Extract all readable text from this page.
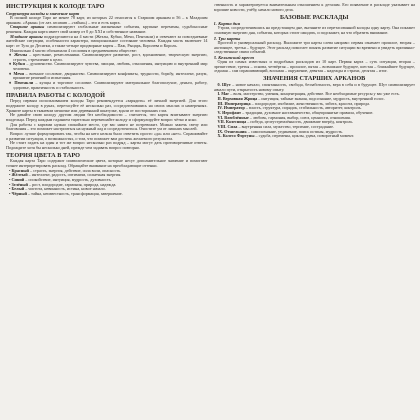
ИНСТРУКЦИЯ К КОЛОДЕ ТАРО
Структура колоды и значение карт

В полной колоде Таро не менее 78 карт, из которых 22 относятся к Старшим арканам и 56 – к Младшим арканам. «Аркан» (от лат. arcanum – «тайна») – это и есть карта.

Старшие арканы символизируют глобальные жизненные события, крупные перемены, судьбоносные решения. Каждая карта имеет свой номер от 0 до XXI и собственное название.

Младшие арканы подразделяются на 4 масти (Жезлы, Кубки, Мечи, Пентакли) и отвечают за повседневные житейские ситуации, особенности характера, эмоциональное состояние человека. Каждая масть включает 14 карт: от Туза до Десятки, а также четыре придворные карты – Паж, Рыцарь, Королева и Король.

Изначально 4 масти обозначали 4 сословия в средневековом обществе:

♦ Жезлы – крестьяне, ремесленники. Символизируют развитие, рост, вдохновение, творческую энергию, страсть, стремление к цели.

♦ Кубки – духовенство. Символизируют чувства, эмоции, любовь, отношения, интуицию и внутренний мир человека.

♦ Мечи – военное сословие, дворянство. Символизируют конфликты, трудности, борьбу, интеллект, разум, принятие решений и испытания.

♦ Пентакли – купцы и торговое сословие. Символизируют материальное благополучие, деньги, работу, здоровье, практичность и стабильность.

ПРАВИЛА РАБОТЫ С КОЛОДОЙ

Перед первым использованием колоды Таро рекомендуется «зарядить» её личной энергией. Для этого подержите колоду в руках, перетасуйте её несколько раз, сосредоточившись на своих мыслях и намерениях. Храните карты в тканевом мешочке или деревянной шкатулке, вдали от посторонних глаз.

Не давайте свою колоду другим людям без необходимости – считается, что карты впитывают энергию владельца. Перед каждым гаданием тщательно перемешайте колоду и сформулируйте вопрос чётко и ясно.

Для работы с картами нужно спокойное место, где вас никто не потревожит. Можно зажечь свечу или благовония – это поможет настроиться на нужный лад и сосредоточиться. Очистите ум от лишних мыслей.

Вопрос лучше формулировать так, чтобы на него нельзя было ответить просто «да» или «нет». Спрашивайте о развитии ситуации, о возможностях, о том, что поможет вам достичь желаемого результата.

Не стоит гадать на один и тот же вопрос несколько раз подряд – карты могут дать противоречивые ответы. Подождите хотя бы несколько дней, прежде чем задавать вопрос повторно.

ТЕОРИЯ ЦВЕТА В ТАРО

Каждая карта Таро содержит символические цвета, которые несут дополнительное значение и помогают точнее интерпретировать расклад. Обращайте внимание на преобладающие оттенки.

• Красный – страсть, энергия, действие, сила воли, опасность.

• Жёлтый – интеллект, радость, оптимизм, солнечная энергия.

• Синий – спокойствие, интуиция, мудрость, духовность.

• Зелёный – рост, плодородие, гармония, природа, надежда.

• Белый – чистота, невинность, истина, новое начало.

• Чёрный – тайна, неизвестность, трансформация, завершение.

ственность и характеризуется внимательным отношением к деталям. Его появление в раскладе указывает на хорошие новости, учёбу, начало нового дела.

БАЗОВЫЕ РАСКЛАДЫ
1. Карта дня

Утром, сосредоточившись на предстоящем дне, вытяните из перетасованной колоды одну карту. Она покажет основную энергию дня, события, которых стоит ожидать, и подскажет, на что обратить внимание.

2. Три карты

Простой и универсальный расклад. Выложите три карты слева направо: первая означает прошлое, вторая – настоящее, третья – будущее. Этот расклад помогает понять развитие ситуации во времени и увидеть причинно-следственные связи событий.

3. Кельтский крест

Один из самых известных и подробных раскладов из 10 карт. Первая карта – суть ситуации, вторая – препятствие, третья – основа, четвёртая – прошлое, пятая – возможное будущее, шестая – ближайшее будущее, седьмая – сам спрашивающий, восьмая – окружение, девятая – надежды и страхи, десятая – итог.

ЗНАЧЕНИЯ СТАРШИХ АРКАНОВ

0. Шут – новое начало, спонтанность, свобода, беззаботность, вера в себя и в будущее. Шут символизирует начало пути, открытость новому опыту.

I. Маг – воля, мастерство, умения, концентрация, действие. Все необходимые ресурсы у вас уже есть.

II. Верховная Жрица – интуиция, тайные знания, подсознание, мудрость, внутренний голос.

III. Императрица – плодородие, изобилие, женственность, забота, красота, природа.

IV. Император – власть, структура, порядок, стабильность, авторитет, контроль.

V. Иерофант – традиции, духовное наставничество, общепринятые правила, обучение.

VI. Влюблённые – любовь, гармония, выбор, союз, ценности, отношения.

VII. Колесница – победа, целеустремлённость, движение вперёд, контроль.

VIII. Сила – внутренняя сила, мужество, терпение, сострадание.

IX. Отшельник – самопознание, уединение, поиск истины, мудрость.

X. Колесо Фортуны – судьба, перемены, циклы, удача, поворотный момент.
